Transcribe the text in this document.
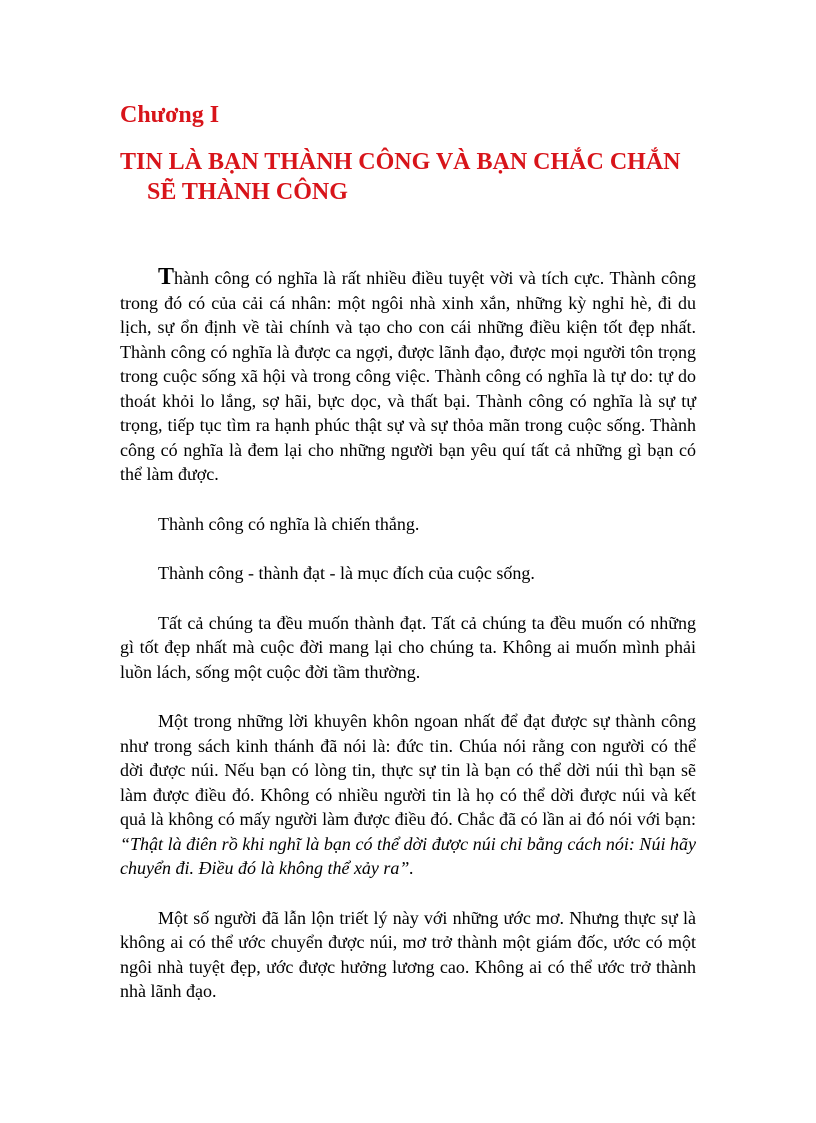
Chương I
TIN LÀ BẠN THÀNH CÔNG VÀ BẠN CHẮC CHẮN
SẼ THÀNH CÔNG

Thành công có nghĩa là rất nhiều điều tuyệt vời và tích cực. Thành công trong đó có của cải cá nhân: một ngôi nhà xinh xắn, những kỳ nghỉ hè, đi du lịch, sự ổn định về tài chính và tạo cho con cái những điều kiện tốt đẹp nhất. Thành công có nghĩa là được ca ngợi, được lãnh đạo, được mọi người tôn trọng trong cuộc sống xã hội và trong công việc. Thành công có nghĩa là tự do: tự do thoát khỏi lo lắng, sợ hãi, bực dọc, và thất bại. Thành công có nghĩa là sự tự trọng, tiếp tục tìm ra hạnh phúc thật sự và sự thỏa mãn trong cuộc sống. Thành công có nghĩa là đem lại cho những người bạn yêu quí tất cả những gì bạn có thể làm được.

Thành công có nghĩa là chiến thắng.

Thành công - thành đạt - là mục đích của cuộc sống.

Tất cả chúng ta đều muốn thành đạt. Tất cả chúng ta đều muốn có những gì tốt đẹp nhất mà cuộc đời mang lại cho chúng ta. Không ai muốn mình phải luồn lách, sống một cuộc đời tầm thường.

Một trong những lời khuyên khôn ngoan nhất để đạt được sự thành công như trong sách kinh thánh đã nói là: đức tin. Chúa nói rằng con người có thể dời được núi. Nếu bạn có lòng tin, thực sự tin là bạn có thể dời núi thì bạn sẽ làm được điều đó. Không có nhiều người tin là họ có thể dời được núi và kết quả là không có mấy người làm được điều đó. Chắc đã có lần ai đó nói với bạn: “Thật là điên rồ khi nghĩ là bạn có thể dời được núi chỉ bằng cách nói: Núi hãy chuyển đi. Điều đó là không thể xảy ra”.

Một số người đã lẫn lộn triết lý này với những ước mơ. Nhưng thực sự là không ai có thể ước chuyển được núi, mơ trở thành một giám đốc, ước có một ngôi nhà tuyệt đẹp, ước được hưởng lương cao. Không ai có thể ước trở thành nhà lãnh đạo.
